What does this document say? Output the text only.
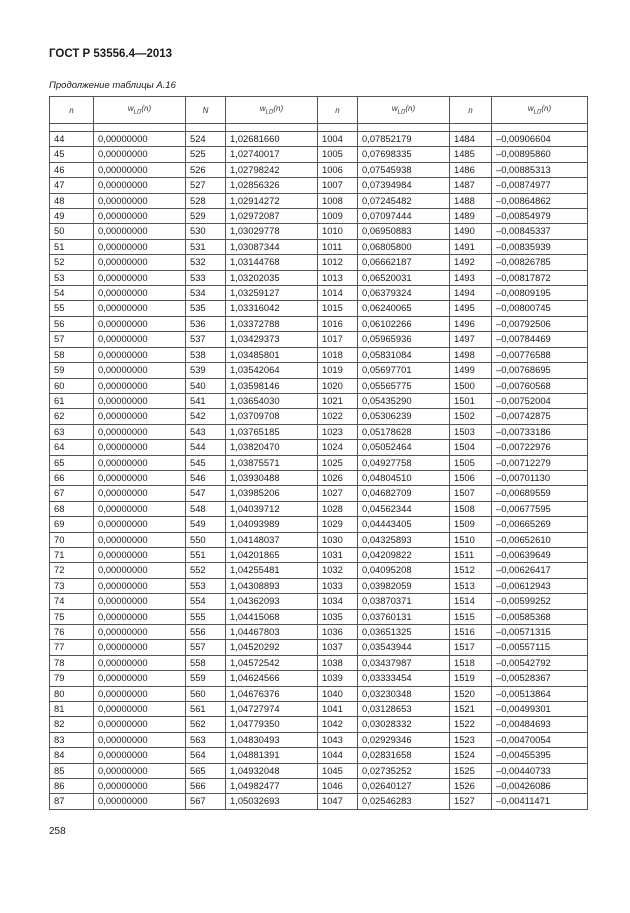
ГОСТ Р 53556.4—2013

Продолжение таблицы А.16

n	$w_{LD}(n)$	N	$w_{LD}(n)$	n	$w_{LD}(n)$	n	$w_{LD}(n)$

44	0,00000000	524	1,02681660	1004	0,07852179	1484	–0,00906604
45	0,00000000	525	1,02740017	1005	0,07698335	1485	–0,00895860
46	0,00000000	526	1,02798242	1006	0,07545938	1486	–0,00885313
47	0,00000000	527	1,02856326	1007	0,07394984	1487	–0,00874977
48	0,00000000	528	1,02914272	1008	0,07245482	1488	–0,00864862
49	0,00000000	529	1,02972087	1009	0,07097444	1489	–0,00854979
50	0,00000000	530	1,03029778	1010	0,06950883	1490	–0,00845337
51	0,00000000	531	1,03087344	1011	0,06805800	1491	–0,00835939
52	0,00000000	532	1,03144768	1012	0,06662187	1492	–0,00826785
53	0,00000000	533	1,03202035	1013	0,06520031	1493	–0,00817872
54	0,00000000	534	1,03259127	1014	0,06379324	1494	–0,00809195
55	0,00000000	535	1,03316042	1015	0,06240065	1495	–0,00800745
56	0,00000000	536	1,03372788	1016	0,06102266	1496	–0,00792506
57	0,00000000	537	1,03429373	1017	0,05965936	1497	–0,00784469
58	0,00000000	538	1,03485801	1018	0,05831084	1498	–0,00776588
59	0,00000000	539	1,03542064	1019	0,05697701	1499	–0,00768695
60	0,00000000	540	1,03598146	1020	0,05565775	1500	–0,00760568
61	0,00000000	541	1,03654030	1021	0,05435290	1501	–0,00752004
62	0,00000000	542	1,03709708	1022	0,05306239	1502	–0,00742875
63	0,00000000	543	1,03765185	1023	0,05178628	1503	–0,00733186
64	0,00000000	544	1,03820470	1024	0,05052464	1504	–0,00722976
65	0,00000000	545	1,03875571	1025	0,04927758	1505	–0,00712279
66	0,00000000	546	1,03930488	1026	0,04804510	1506	–0,00701130
67	0,00000000	547	1,03985206	1027	0,04682709	1507	–0,00689559
68	0,00000000	548	1,04039712	1028	0,04562344	1508	–0,00677595
69	0,00000000	549	1,04093989	1029	0,04443405	1509	–0,00665269
70	0,00000000	550	1,04148037	1030	0,04325893	1510	–0,00652610
71	0,00000000	551	1,04201865	1031	0,04209822	1511	–0,00639649
72	0,00000000	552	1,04255481	1032	0,04095208	1512	–0,00626417
73	0,00000000	553	1,04308893	1033	0,03982059	1513	–0,00612943
74	0,00000000	554	1,04362093	1034	0,03870371	1514	–0,00599252
75	0,00000000	555	1,04415068	1035	0,03760131	1515	–0,00585368
76	0,00000000	556	1,04467803	1036	0,03651325	1516	–0,00571315
77	0,00000000	557	1,04520292	1037	0,03543944	1517	–0,00557115
78	0,00000000	558	1,04572542	1038	0,03437987	1518	–0,00542792
79	0,00000000	559	1,04624566	1039	0,03333454	1519	–0,00528367
80	0,00000000	560	1,04676376	1040	0,03230348	1520	–0,00513864
81	0,00000000	561	1,04727974	1041	0,03128653	1521	–0,00499301
82	0,00000000	562	1,04779350	1042	0,03028332	1522	–0,00484693
83	0,00000000	563	1,04830493	1043	0,02929346	1523	–0,00470054
84	0,00000000	564	1,04881391	1044	0,02831658	1524	–0,00455395
85	0,00000000	565	1,04932048	1045	0,02735252	1525	–0,00440733
86	0,00000000	566	1,04982477	1046	0,02640127	1526	–0,00426086
87	0,00000000	567	1,05032693	1047	0,02546283	1527	–0,00411471

258
